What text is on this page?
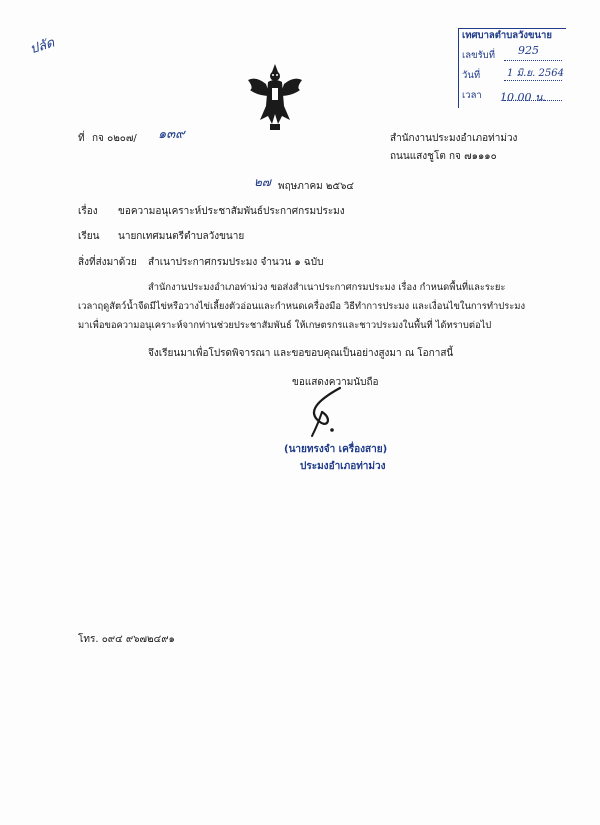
ปลัด
เทศบาลตำบลวังขนาย
เลขรับที่
วันที่
เวลา
925
1 มิ.ย. 2564
10.00 น.
ที่ กจ ๐๒๐๗/ ๑๓๙	สำนักงานประมงอำเภอท่าม่วง
ถนนแสงชูโต กจ ๗๑๑๑๐
๒๗ พฤษภาคม ๒๕๖๔
เรื่อง ขอความอนุเคราะห์ประชาสัมพันธ์ประกาศกรมประมง
เรียน นายกเทศมนตรีตำบลวังขนาย
สิ่งที่ส่งมาด้วย สำเนาประกาศกรมประมง จำนวน ๑ ฉบับ
สำนักงานประมงอำเภอท่าม่วง ขอส่งสำเนาประกาศกรมประมง เรื่อง กำหนดพื้นที่และระยะ
เวลาฤดูสัตว์น้ำจืดมีไข่หรือวางไข่เลี้ยงตัวอ่อนและกำหนดเครื่องมือ วิธีทำการประมง และเงื่อนไขในการทำประมง
มาเพื่อขอความอนุเคราะห์จากท่านช่วยประชาสัมพันธ์ ให้เกษตรกรและชาวประมงในพื้นที่ ได้ทราบต่อไป
จึงเรียนมาเพื่อโปรดพิจารณา และขอขอบคุณเป็นอย่างสูงมา ณ โอกาสนี้
ขอแสดงความนับถือ
(นายทรงจำ เครื่องสาย)
ประมงอำเภอท่าม่วง
โทร. ๐๙๔ ๙๖๗๒๔๙๑
